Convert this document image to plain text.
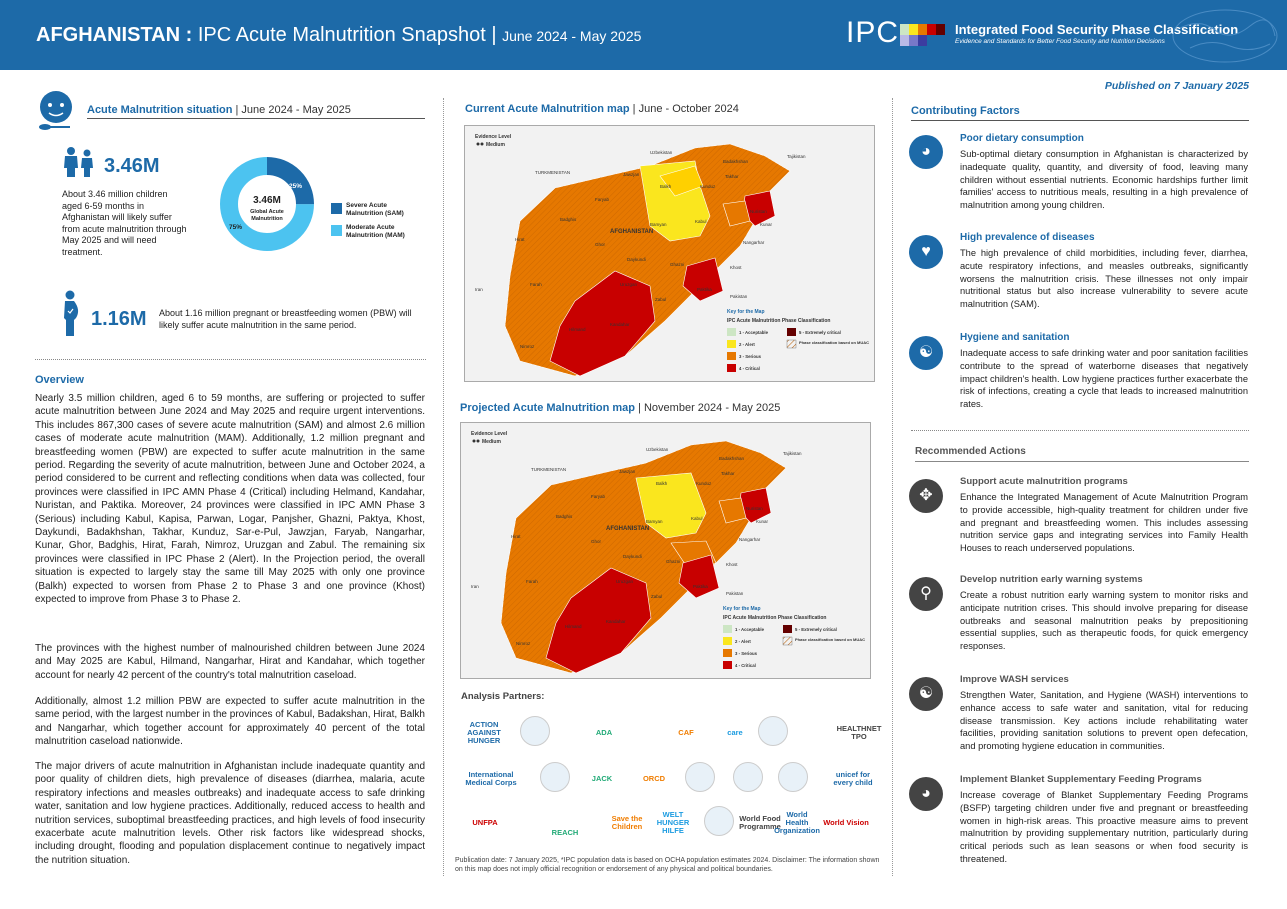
AFGHANISTAN : IPC Acute Malnutrition Snapshot | June 2024 - May 2025	IPC	Integrated Food Security Phase Classification
Evidence and Standards for Better Food Security and Nutrition Decisions
Published on 7 January 2025
Acute Malnutrition situation | June 2024 - May 2025
3.46M
About 3.46 million children aged 6-59 months in Afghanistan will likely suffer from acute malnutrition through May 2025 and will need treatment.
3.46M
Global Acute Malnutrition
25%
75%
Severe Acute Malnutrition (SAM)
Moderate Acute Malnutrition (MAM)
1.16M About 1.16 million pregnant or breastfeeding women (PBW) will likely suffer acute malnutrition in the same period.
Overview
Nearly 3.5 million children, aged 6 to 59 months, are suffering or projected to suffer acute malnutrition between June 2024 and May 2025 and require urgent interventions. This includes 867,300 cases of severe acute malnutrition (SAM) and almost 2.6 million cases of moderate acute malnutrition (MAM). Additionally, 1.2 million pregnant and breastfeeding women (PBW) are expected to suffer acute malnutrition in the same period. Regarding the severity of acute malnutrition, between June and October 2024, a period considered to be current and reflecting conditions when data was collected, four provinces were classified in IPC AMN Phase 4 (Critical) including Helmand, Kandahar, Nuristan, and Paktika. Moreover, 24 provinces were classified in IPC AMN Phase 3 (Serious) including Kabul, Kapisa, Parwan, Logar, Panjsher, Ghazni, Paktya, Khost, Daykundi, Badakhshan, Takhar, Kunduz, Sar-e-Pul, Jawzjan, Faryab, Nangarhar, Kunar, Ghor, Badghis, Hirat, Farah, Nimroz, Uruzgan and Zabul. The remaining six provinces were classified in IPC Phase 2 (Alert). In the Projection period, the overall situation is expected to largely stay the same till May 2025 with only one province (Balkh) expected to worsen from Phase 2 to Phase 3 and one province (Khost) expected to improve from Phase 3 to Phase 2.
The provinces with the highest number of malnourished children between June 2024 and May 2025 are Kabul, Hilmand, Nangarhar, Hirat and Kandahar, which together account for nearly 42 percent of the country's total malnutrition caseload.
Additionally, almost 1.2 million PBW are expected to suffer acute malnutrition in the same period, with the largest number in the provinces of Kabul, Badakshan, Hirat, Balkh and Nangarhar, which together account for approximately 40 percent of the total malnutrition caseload nationwide.
The major drivers of acute malnutrition in Afghanistan include inadequate quantity and poor quality of children diets, high prevalence of diseases (diarrhea, malaria, acute respiratory infections and measles outbreaks) and inadequate access to safe drinking water, sanitation and low hygiene practices. Additionally, reduced access to health and nutrition services, suboptimal breastfeeding practices, and high levels of food insecurity exacerbate acute malnutrition levels. Other risk factors like widespread shocks, including drought, flooding and population displacement continue to negatively impact the nutrition situation.
Current Acute Malnutrition map | June - October 2024
Evidence Level
Medium
Uzbekistan
Tajikistan
TURKMENISTAN
Iran
Pakistan
AFGHANISTAN
Badakhshan
Balkh
Jawzjan
Faryab
Badghis
Hirat
Ghor
Farah
Nimroz
Hilmand
Kandahar
Uruzgan
Zabul
Ghazni
Paktika
Daykundi
Bamyan
Kabul
Nangarhar
Nuristan
Kunar
Khost
Takhar
Kunduz
Key for the Map
IPC Acute Malnutrition Phase Classification
1 - Acceptable
2 - Alert
3 - Serious
4 - Critical
5 - Extremely critical
Phase classification based on MUAC
Projected Acute Malnutrition map | November 2024 - May 2025
Evidence Level
Medium
Uzbekistan
Tajikistan
TURKMENISTAN
Iran
Pakistan
AFGHANISTAN
Badakhshan
Balkh
Jawzjan
Faryab
Badghis
Hirat
Ghor
Farah
Nimroz
Hilmand
Kandahar
Uruzgan
Zabul
Ghazni
Paktika
Daykundi
Bamyan
Kabul
Nangarhar
Nuristan
Kunar
Khost
Takhar
Kunduz
Key for the Map
IPC Acute Malnutrition Phase Classification
1 - Acceptable
2 - Alert
3 - Serious
4 - Critical
5 - Extremely critical
Phase classification based on MUAC
Analysis Partners:
ACTION AGAINST HUNGER
ADA	CAF	care	HEALTHNET TPO
International Medical Corps	JACK	ORCD	unicef for every child
UNFPA
REACH
Save the Children
WELT HUNGER HILFE
World Food Programme
World Health Organization
World Vision
Publication date: 7 January 2025, *IPC population data is based on OCHA population estimates 2024. Disclaimer: The information shown on this map does not imply official recognition or endorsement of any physical and political boundaries.
Contributing Factors
◕
Poor dietary consumption
Sub-optimal dietary consumption in Afghanistan is characterized by inadequate quality, quantity, and diversity of food, leaving many children without essential nutrients. Economic hardships further limit families' access to nutritious meals, resulting in a high prevalence of malnutrition among young children.
♥
High prevalence of diseases
The high prevalence of child morbidities, including fever, diarrhea, acute respiratory infections, and measles outbreaks, significantly worsens the malnutrition crisis. These illnesses not only impair nutritional status but also increase vulnerability to severe acute malnutrition (SAM).
☯
Hygiene and sanitation
Inadequate access to safe drinking water and poor sanitation facilities contribute to the spread of waterborne diseases that negatively impact children's health. Low hygiene practices further exacerbate the risk of infections, creating a cycle that leads to increased malnutrition rates.
Recommended Actions
✥
Support acute malnutrition programs
Enhance the Integrated Management of Acute Malnutrition Program to provide accessible, high-quality treatment for children under five and pregnant and breastfeeding women. This includes assessing nutrition service gaps and integrating services into Family Health Houses to reach underserved populations.
⚲
Develop nutrition early warning systems
Create a robust nutrition early warning system to monitor risks and anticipate nutrition crises. This should involve preparing for disease outbreaks and seasonal malnutrition peaks by prepositioning essential supplies, such as therapeutic foods, for quick emergency responses.
☯
Improve WASH services
Strengthen Water, Sanitation, and Hygiene (WASH) interventions to enhance access to safe water and sanitation, vital for reducing disease transmission. Key actions include rehabilitating water facilities, providing sanitation solutions to prevent open defecation, and promoting hygiene education in communities.
◕
Implement Blanket Supplementary Feeding Programs
Increase coverage of Blanket Supplementary Feeding Programs (BSFP) targeting children under five and pregnant or breastfeeding women in high-risk areas. This proactive measure aims to prevent malnutrition by providing supplementary nutrition, particularly during critical periods such as lean seasons or when food security is threatened.
